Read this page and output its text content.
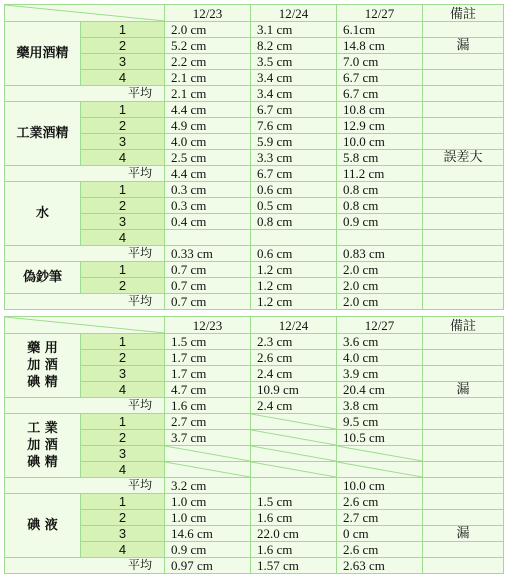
	12/23	12/24	12/27	備註
藥用酒精	1	2.0 cm	3.1 cm	6.1cm	
	2	5.2 cm	8.2 cm	14.8 cm	漏
	3	2.2 cm	3.5 cm	7.0 cm	
	4	2.1 cm	3.4 cm	6.7 cm	
平均		2.1 cm	3.4 cm	6.7 cm	
工業酒精	1	4.4 cm	6.7 cm	10.8 cm	
	2	4.9 cm	7.6 cm	12.9 cm	
	3	4.0 cm	5.9 cm	10.0 cm	
	4	2.5 cm	3.3 cm	5.8 cm	誤差大
平均		4.4 cm	6.7 cm	11.2 cm	
水	1	0.3 cm	0.6 cm	0.8 cm	
	2	0.3 cm	0.5 cm	0.8 cm	
	3	0.4 cm	0.8 cm	0.9 cm	
	4				
平均		0.33 cm	0.6 cm	0.83 cm	
偽鈔筆	1	0.7 cm	1.2 cm	2.0 cm	
	2	0.7 cm	1.2 cm	2.0 cm	
平均		0.7 cm	1.2 cm	2.0 cm	
	12/23	12/24	12/27	備註

藥 用
加 酒
碘 精	1	1.5 cm	2.3 cm	3.6 cm	
	2	1.7 cm	2.6 cm	4.0 cm	
	3	1.7 cm	2.4 cm	3.9 cm	
	4	4.7 cm	10.9 cm	20.4 cm	漏
平均		1.6 cm	2.4 cm	3.8 cm	

工 業
加 酒
碘 精	1	2.7 cm		9.5 cm	
	2	3.7 cm		10.5 cm	
	3	

	4	

平均		3.2 cm		10.0 cm	

碘 液	1	1.0 cm	1.5 cm	2.6 cm	
	2	1.0 cm	1.6 cm	2.7 cm	
	3	14.6 cm	22.0 cm	0 cm	漏
	4	0.9 cm	1.6 cm	2.6 cm	
平均		0.97 cm	1.57 cm	2.63 cm	
